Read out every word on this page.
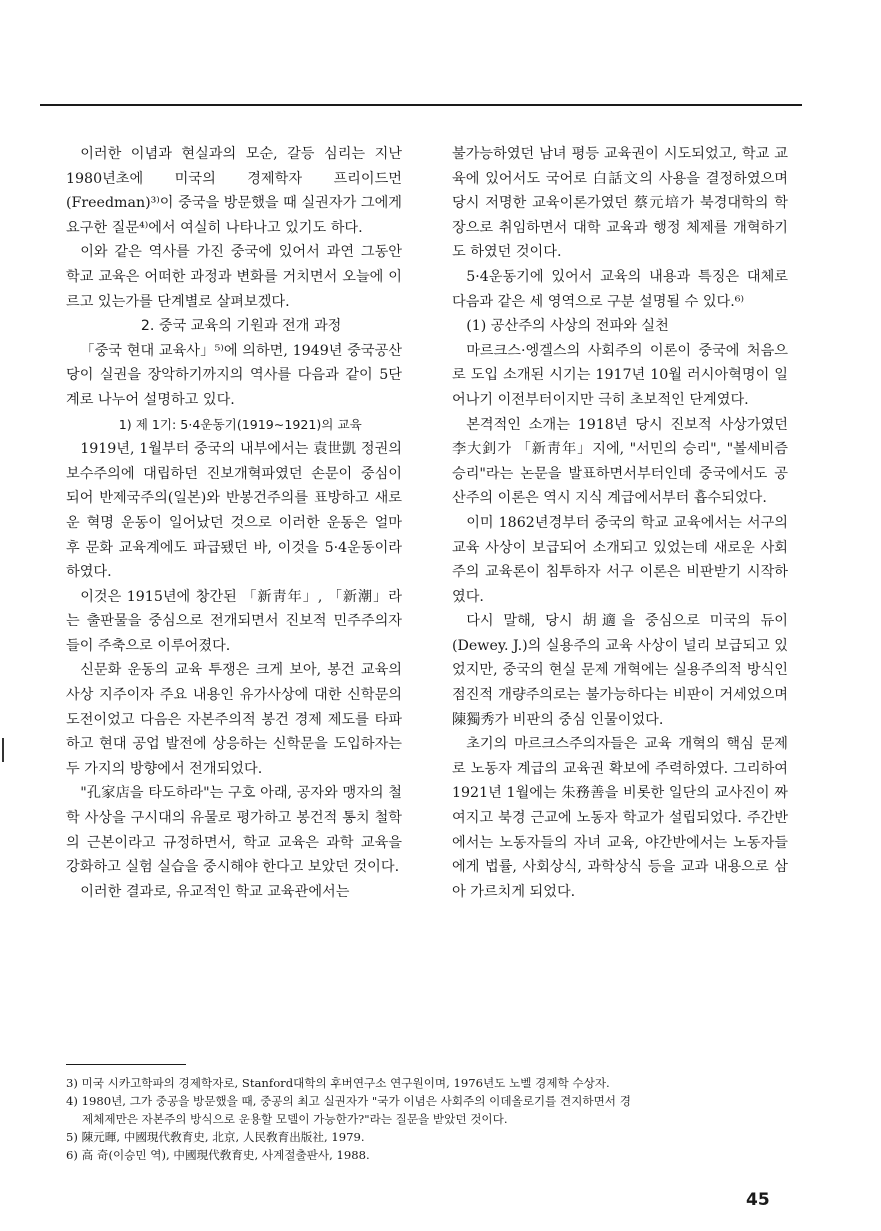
이러한 이념과 현실과의 모순, 갈등 심리는 지난 1980년초에 미국의 경제학자 프리이드먼(Freedman)³⁾이 중국을 방문했을 때 실권자가 그에게 요구한 질문⁴⁾에서 여실히 나타나고 있기도 하다.

이와 같은 역사를 가진 중국에 있어서 과연 그동안 학교 교육은 어떠한 과정과 변화를 거치면서 오늘에 이르고 있는가를 단계별로 살펴보겠다.

2. 중국 교육의 기원과 전개 과정

「중국 현대 교육사」⁵⁾에 의하면, 1949년 중국공산당이 실권을 장악하기까지의 역사를 다음과 같이 5단계로 나누어 설명하고 있다.

1) 제 1기: 5·4운동기(1919∼1921)의 교육

1919년, 1월부터 중국의 내부에서는 袁世凱 정권의 보수주의에 대립하던 진보개혁파였던 손문이 중심이 되어 반제국주의(일본)와 반봉건주의를 표방하고 새로운 혁명 운동이 일어났던 것으로 이러한 운동은 얼마 후 문화 교육계에도 파급됐던 바, 이것을 5·4운동이라 하였다.

이것은 1915년에 창간된 「新靑年」, 「新潮」라는 출판물을 중심으로 전개되면서 진보적 민주주의자들이 주축으로 이루어졌다.

신문화 운동의 교육 투쟁은 크게 보아, 봉건 교육의 사상 지주이자 주요 내용인 유가사상에 대한 신학문의 도전이었고 다음은 자본주의적 봉건 경제 제도를 타파하고 현대 공업 발전에 상응하는 신학문을 도입하자는 두 가지의 방향에서 전개되었다.

"孔家店을 타도하라"는 구호 아래, 공자와 맹자의 철학 사상을 구시대의 유물로 평가하고 봉건적 통치 철학의 근본이라고 규정하면서, 학교 교육은 과학 교육을 강화하고 실험 실습을 중시해야 한다고 보았던 것이다.

이러한 결과로, 유교적인 학교 교육관에서는

불가능하였던 남녀 평등 교육권이 시도되었고, 학교 교육에 있어서도 국어로 白話文의 사용을 결정하였으며 당시 저명한 교육이론가였던 蔡元培가 북경대학의 학장으로 취임하면서 대학 교육과 행정 체제를 개혁하기도 하였던 것이다.

5·4운동기에 있어서 교육의 내용과 특징은 대체로 다음과 같은 세 영역으로 구분 설명될 수 있다.⁶⁾

(1) 공산주의 사상의 전파와 실천

마르크스·엥겔스의 사회주의 이론이 중국에 처음으로 도입 소개된 시기는 1917년 10월 러시아혁명이 일어나기 이전부터이지만 극히 초보적인 단계였다.

본격적인 소개는 1918년 당시 진보적 사상가였던 李大釗가 「新靑年」지에, "서민의 승리", "볼세비즘 승리"라는 논문을 발표하면서부터인데 중국에서도 공산주의 이론은 역시 지식 계급에서부터 흡수되었다.

이미 1862년경부터 중국의 학교 교육에서는 서구의 교육 사상이 보급되어 소개되고 있었는데 새로운 사회주의 교육론이 침투하자 서구 이론은 비판받기 시작하였다.

다시 말해, 당시 胡適을 중심으로 미국의 듀이(Dewey. J.)의 실용주의 교육 사상이 널리 보급되고 있었지만, 중국의 현실 문제 개혁에는 실용주의적 방식인 점진적 개량주의로는 불가능하다는 비판이 거세었으며 陳獨秀가 비판의 중심 인물이었다.

초기의 마르크스주의자들은 교육 개혁의 핵심 문제로 노동자 계급의 교육권 확보에 주력하였다. 그리하여 1921년 1월에는 朱務善을 비롯한 일단의 교사진이 짜여지고 북경 근교에 노동자 학교가 설립되었다. 주간반에서는 노동자들의 자녀 교육, 야간반에서는 노동자들에게 법률, 사회상식, 과학상식 등을 교과 내용으로 삼아 가르치게 되었다.

3) 미국 시카고학파의 경제학자로, Stanford대학의 후버연구소 연구원이며, 1976년도 노벨 경제학 수상자.
4) 1980년, 그가 중공을 방문했을 때, 중공의 최고 실권자가 "국가 이념은 사회주의 이데올로기를 견지하면서 경
제체제만은 자본주의 방식으로 운용할 모델이 가능한가?"라는 질문을 받았던 것이다.
5) 陳元暉, 中國現代敎育史, 北京, 人民敎育出版社, 1979.
6) 高 奇(이승민 역), 中國現代敎育史, 사계절출판사, 1988.
45
